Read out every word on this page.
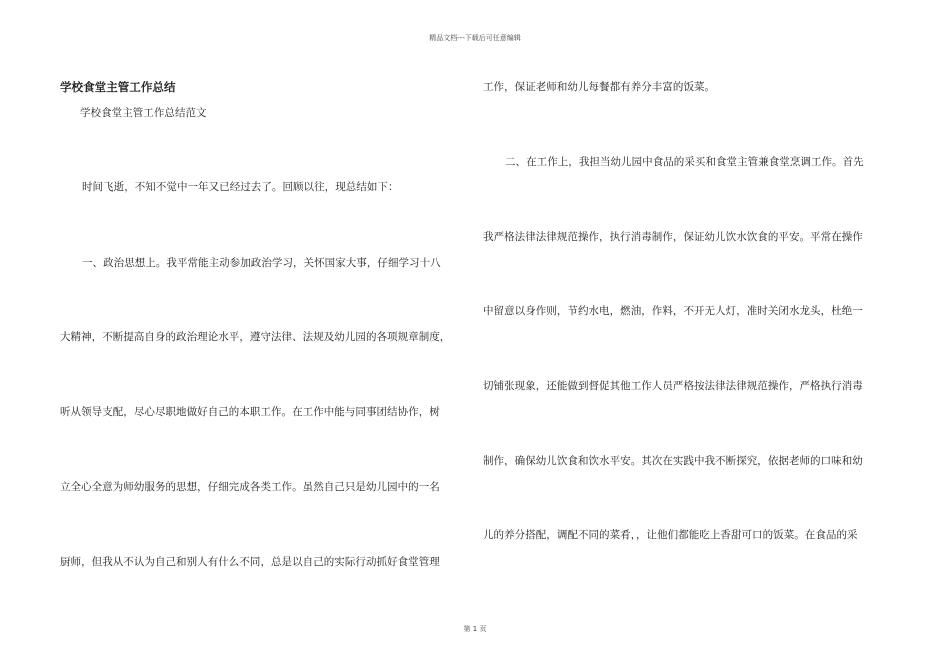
精品文档---下载后可任意编辑
学校食堂主管工作总结
学校食堂主管工作总结范文
时间飞逝，不知不觉中一年又已经过去了。回顾以往，现总结如下：
一、政治思想上。我平常能主动参加政治学习，关怀国家大事，仔细学习十八
大精神，不断提高自身的政治理论水平，遵守法律、法规及幼儿园的各项规章制度，
听从领导支配，尽心尽职地做好自己的本职工作。在工作中能与同事团结协作，树
立全心全意为师幼服务的思想，仔细完成各类工作。虽然自己只是幼儿园中的一名
厨师，但我从不认为自己和别人有什么不同，总是以自己的实际行动抓好食堂管理
工作，保证老师和幼儿每餐都有养分丰富的饭菜。
二、在工作上，我担当幼儿园中食品的采买和食堂主管兼食堂烹调工作。首先
我严格法律法律规范操作，执行消毒制作，保证幼儿饮水饮食的平安。平常在操作
中留意以身作则，节约水电，燃油，作料，不开无人灯，准时关闭水龙头，杜绝一
切铺张现象，还能做到督促其他工作人员严格按法律法律规范操作，严格执行消毒
制作，确保幼儿饮食和饮水平安。其次在实践中我不断探究，依据老师的口味和幼
儿的养分搭配，调配不同的菜肴，，让他们都能吃上香甜可口的饭菜。在食品的采
第 1 页
